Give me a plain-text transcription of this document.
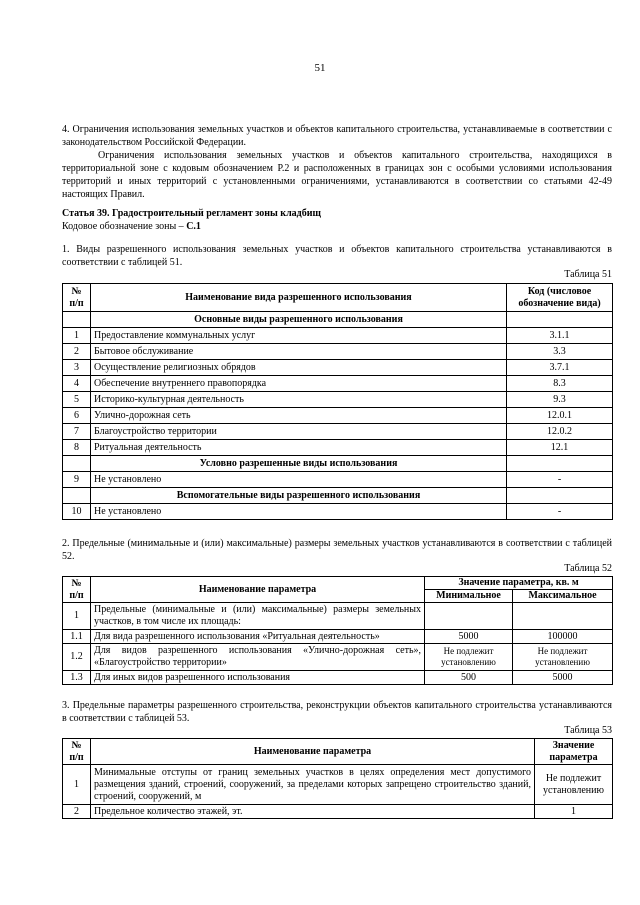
51
4. Ограничения использования земельных участков и объектов капитального строительства, устанавливаемые в соответствии с законодательством Российской Федерации.
Ограничения использования земельных участков и объектов капитального строительства, находящихся в территориальной зоне с кодовым обозначением Р.2 и расположенных в границах зон с особыми условиями использования территорий и иных территорий с установленными ограничениями, устанавливаются в соответствии со статьями 42-49 настоящих Правил.
Статья 39. Градостроительный регламент зоны кладбищ
Кодовое обозначение зоны – С.1
1. Виды разрешенного использования земельных участков и объектов капитального строительства устанавливаются в соответствии с таблицей 51.
Таблица 51
№ п/п	Наименование вида разрешенного использования	Код (числовое обозначение вида)
	Основные виды разрешенного использования	
1	Предоставление коммунальных услуг	3.1.1
2	Бытовое обслуживание	3.3
3	Осуществление религиозных обрядов	3.7.1
4	Обеспечение внутреннего правопорядка	8.3
5	Историко-культурная деятельность	9.3
6	Улично-дорожная сеть	12.0.1
7	Благоустройство территории	12.0.2
8	Ритуальная деятельность	12.1
	Условно разрешенные виды использования	
9	Не установлено	-
	Вспомогательные виды разрешенного использования	
10	Не установлено	-
2. Предельные (минимальные и (или) максимальные) размеры земельных участков устанавливаются в соответствии с таблицей 52.
Таблица 52
№ п/п	Наименование параметра	Значение параметра, кв. м	
		Минимальное	Максимальное
1	Предельные (минимальные и (или) максимальные) размеры земельных участков, в том числе их площадь:		
1.1	Для вида разрешенного использования «Ритуальная деятельность»	5000	100000
1.2	Для видов разрешенного использования «Улично-дорожная сеть», «Благоустройство территории»	Не подлежит установлению	Не подлежит установлению
1.3	Для иных видов разрешенного использования	500	5000
3. Предельные параметры разрешенного строительства, реконструкции объектов капитального строительства устанавливаются в соответствии с таблицей 53.
Таблица 53
№ п/п	Наименование параметра	Значение параметра
1	Минимальные отступы от границ земельных участков в целях определения мест допустимого размещения зданий, строений, сооружений, за пределами которых запрещено строительство зданий, строений, сооружений, м	Не подлежит установлению
2	Предельное количество этажей, эт.	1
